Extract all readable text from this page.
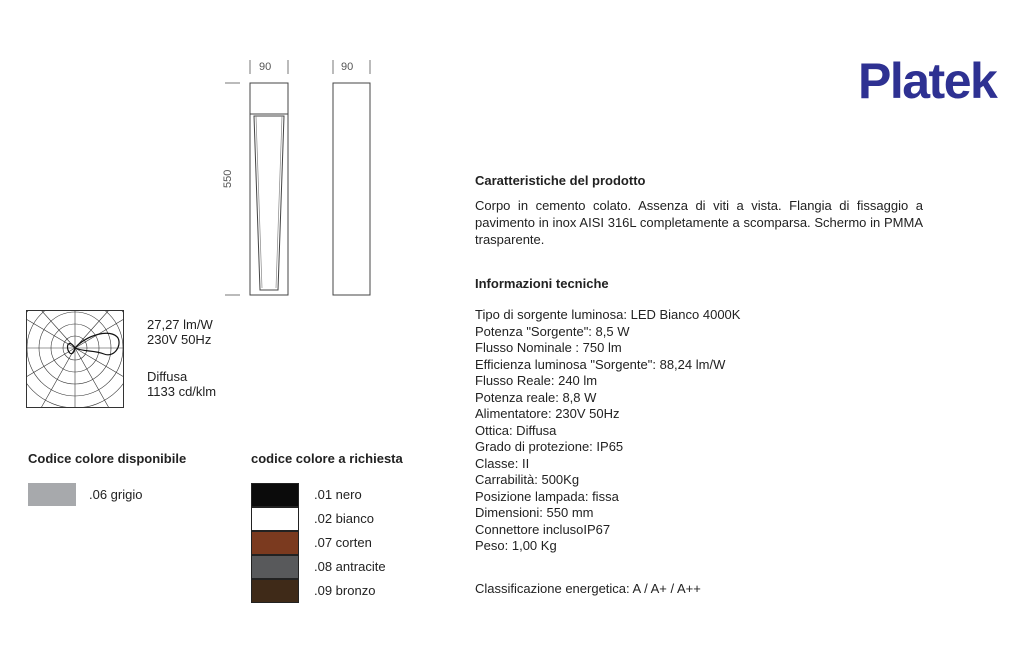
Platek
90	90
550
27,27 lm/W
230V 50Hz
Diffusa
1133 cd/klm
Codice colore disponibile
.06 grigio
codice colore a richiesta
.01 nero
.02 bianco
.07 corten
.08 antracite
.09 bronzo
Caratteristiche del prodotto
Corpo in cemento colato. Assenza di viti a vista. Flangia di fissaggio a pavimento in inox AISI 316L completamente a scomparsa. Schermo in PMMA trasparente.
Informazioni tecniche
Tipo di sorgente luminosa: LED Bianco 4000K
Potenza "Sorgente": 8,5 W
Flusso Nominale : 750 lm
Efficienza luminosa "Sorgente": 88,24 lm/W
Flusso Reale: 240 lm
Potenza reale: 8,8 W
Alimentatore: 230V 50Hz
Ottica: Diffusa
Grado di protezione: IP65
Classe: II
Carrabilità: 500Kg
Posizione lampada: fissa
Dimensioni: 550 mm
Connettore inclusoIP67
Peso: 1,00 Kg
Classificazione energetica: A / A+ / A++
